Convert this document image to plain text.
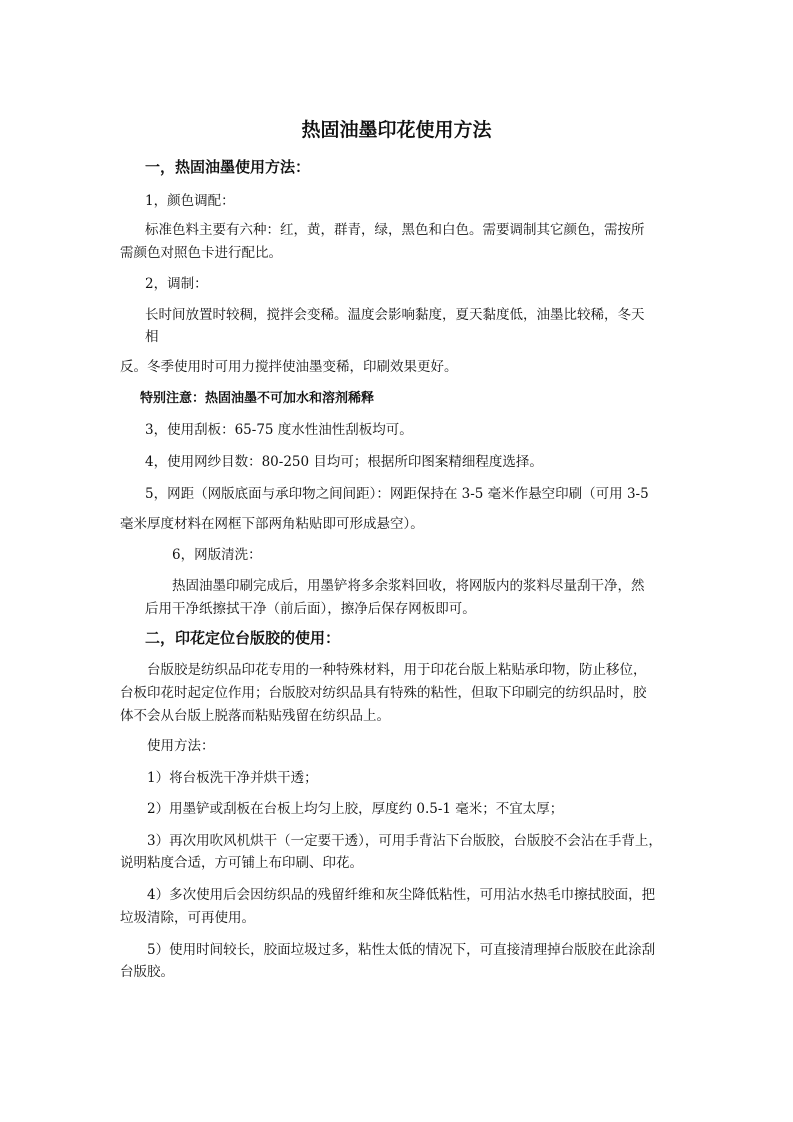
热固油墨印花使用方法
一，热固油墨使用方法：
1，颜色调配：
标准色料主要有六种：红，黄，群青，绿，黑色和白色。需要调制其它颜色，需按所
需颜色对照色卡进行配比。
2，调制：
长时间放置时较稠，搅拌会变稀。温度会影响黏度，夏天黏度低，油墨比较稀，冬天
相
反。冬季使用时可用力搅拌使油墨变稀，印刷效果更好。
特别注意：热固油墨不可加水和溶剂稀释
3，使用刮板：65-75 度水性油性刮板均可。
4，使用网纱目数：80-250 目均可；根据所印图案精细程度选择。
5，网距（网版底面与承印物之间间距）：网距保持在 3-5 毫米作悬空印刷（可用 3-5
毫米厚度材料在网框下部两角粘贴即可形成悬空）。
6，网版清洗：
热固油墨印刷完成后，用墨铲将多余浆料回收，将网版内的浆料尽量刮干净，然
后用干净纸擦拭干净（前后面），擦净后保存网板即可。
二，印花定位台版胶的使用：
台版胶是纺织品印花专用的一种特殊材料，用于印花台版上粘贴承印物，防止移位，
台板印花时起定位作用；台版胶对纺织品具有特殊的粘性，但取下印刷完的纺织品时，胶
体不会从台版上脱落而粘贴残留在纺织品上。
使用方法：
1）将台板洗干净并烘干透；
2）用墨铲或刮板在台板上均匀上胶，厚度约 0.5-1 毫米；不宜太厚；
3）再次用吹风机烘干（一定要干透），可用手背沾下台版胶，台版胶不会沾在手背上，
说明粘度合适，方可铺上布印刷、印花。
4）多次使用后会因纺织品的残留纤维和灰尘降低粘性，可用沾水热毛巾擦拭胶面，把
垃圾清除，可再使用。
5）使用时间较长，胶面垃圾过多，粘性太低的情况下，可直接清理掉台版胶在此涂刮
台版胶。
